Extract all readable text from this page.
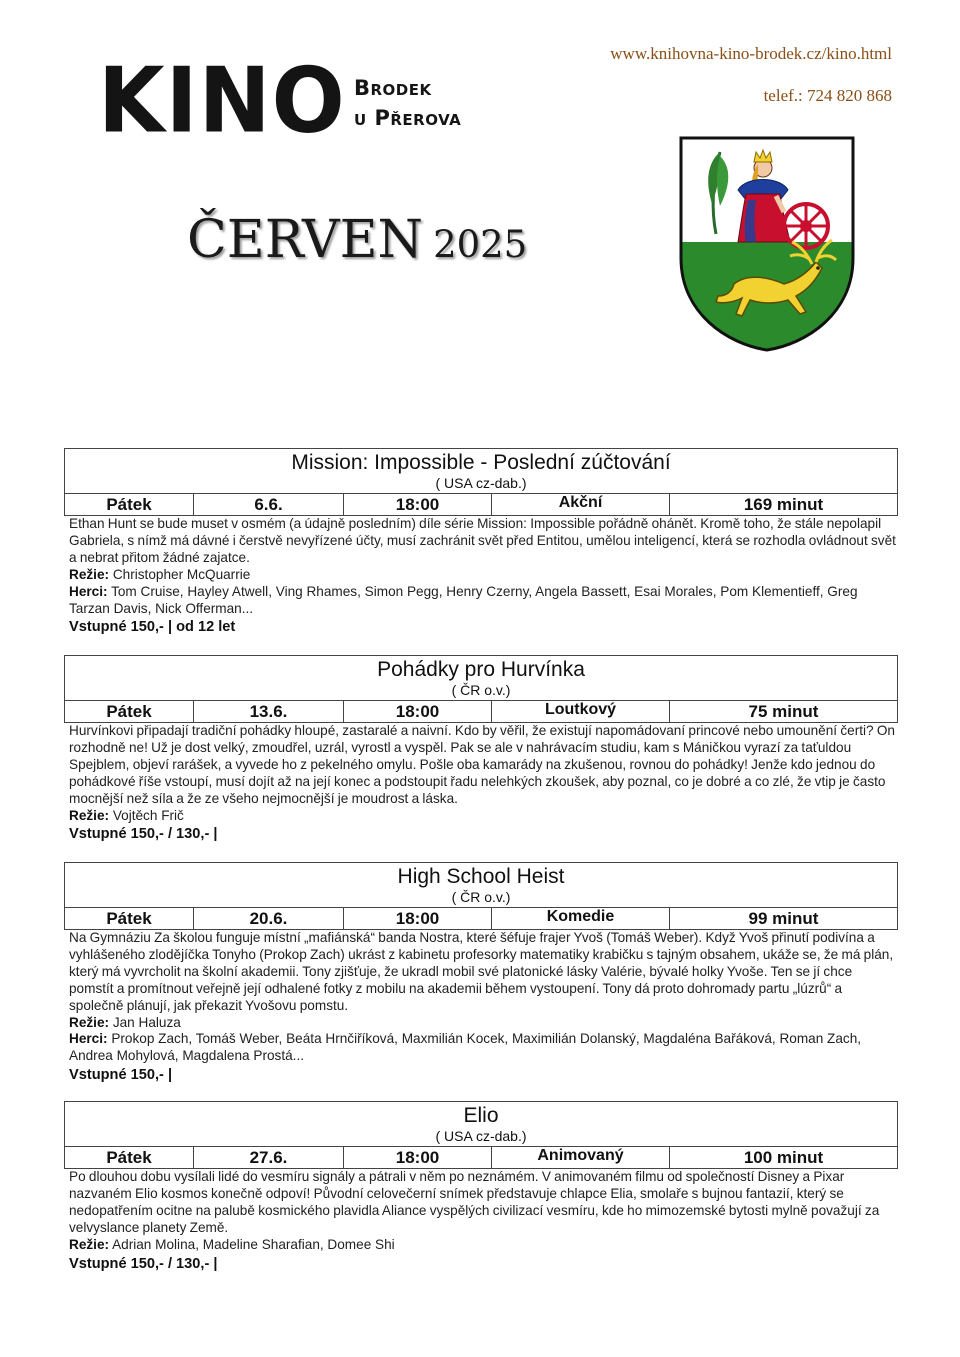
KINO Brodek
u Přerova
www.knihovna-kino-brodek.cz/kino.html
telef.: 724 820 868
ČERVEN 2025
Mission: Impossible - Poslední zúčtování
( USA cz-dab.)
Pátek	6.6.	18:00	Akční	169 minut
Ethan Hunt se bude muset v osmém (a údajně posledním) díle série Mission: Impossible pořádně ohánět. Kromě toho, že stále nepolapil Gabriela, s nímž má dávné i čerstvě nevyřízené účty, musí zachránit svět před Entitou, umělou inteligencí, která se rozhodla ovládnout svět a nebrat přitom žádné zajatce.
Režie: Christopher McQuarrie
Herci: Tom Cruise, Hayley Atwell, Ving Rhames, Simon Pegg, Henry Czerny, Angela Bassett, Esai Morales, Pom Klementieff, Greg Tarzan Davis, Nick Offerman...
Vstupné 150,- | od 12 let
Pohádky pro Hurvínka
( ČR o.v.)
Pátek	13.6.	18:00	Loutkový	75 minut
Hurvínkovi připadají tradiční pohádky hloupé, zastaralé a naivní. Kdo by věřil, že existují napomádovaní princové nebo umounění čerti? On rozhodně ne! Už je dost velký, zmoudřel, uzrál, vyrostl a vyspěl. Pak se ale v nahrávacím studiu, kam s Máničkou vyrazí za taťuldou Spejblem, objeví rarášek, a vyvede ho z pekelného omylu. Pošle oba kamarády na zkušenou, rovnou do pohádky! Jenže kdo jednou do pohádkové říše vstoupí, musí dojít až na její konec a podstoupit řadu nelehkých zkoušek, aby poznal, co je dobré a co zlé, že vtip je často mocnější než síla a že ze všeho nejmocnější je moudrost a láska.
Režie: Vojtěch Frič
Vstupné 150,- / 130,- |
High School Heist
( ČR o.v.)
Pátek	20.6.	18:00	Komedie	99 minut
Na Gymnáziu Za školou funguje místní „mafiánská“ banda Nostra, které šéfuje frajer Yvoš (Tomáš Weber). Když Yvoš přinutí podivína a vyhlášeného zlodějíčka Tonyho (Prokop Zach) ukrást z kabinetu profesorky matematiky krabičku s tajným obsahem, ukáže se, že má plán, který má vyvrcholit na školní akademii. Tony zjišťuje, že ukradl mobil své platonické lásky Valérie, bývalé holky Yvoše. Ten se jí chce pomstít a promítnout veřejně její odhalené fotky z mobilu na akademii během vystoupení. Tony dá proto dohromady partu „lúzrů“ a společně plánují, jak překazit Yvošovu pomstu.
Režie: Jan Haluza
Herci: Prokop Zach, Tomáš Weber, Beáta Hrnčiříková, Maxmilián Kocek, Maximilián Dolanský, Magdaléna Bařáková, Roman Zach, Andrea Mohylová, Magdalena Prostá...
Vstupné 150,- |
Elio
( USA cz-dab.)
Pátek	27.6.	18:00	Animovaný	100 minut
Po dlouhou dobu vysílali lidé do vesmíru signály a pátrali v něm po neznámém. V animovaném filmu od společností Disney a Pixar nazvaném Elio kosmos konečně odpoví! Původní celovečerní snímek představuje chlapce Elia, smolaře s bujnou fantazií, který se nedopatřením ocitne na palubě kosmického plavidla Aliance vyspělých civilizací vesmíru, kde ho mimozemské bytosti mylně považují za velvyslance planety Země.
Režie: Adrian Molina, Madeline Sharafian, Domee Shi
Vstupné 150,- / 130,- |
